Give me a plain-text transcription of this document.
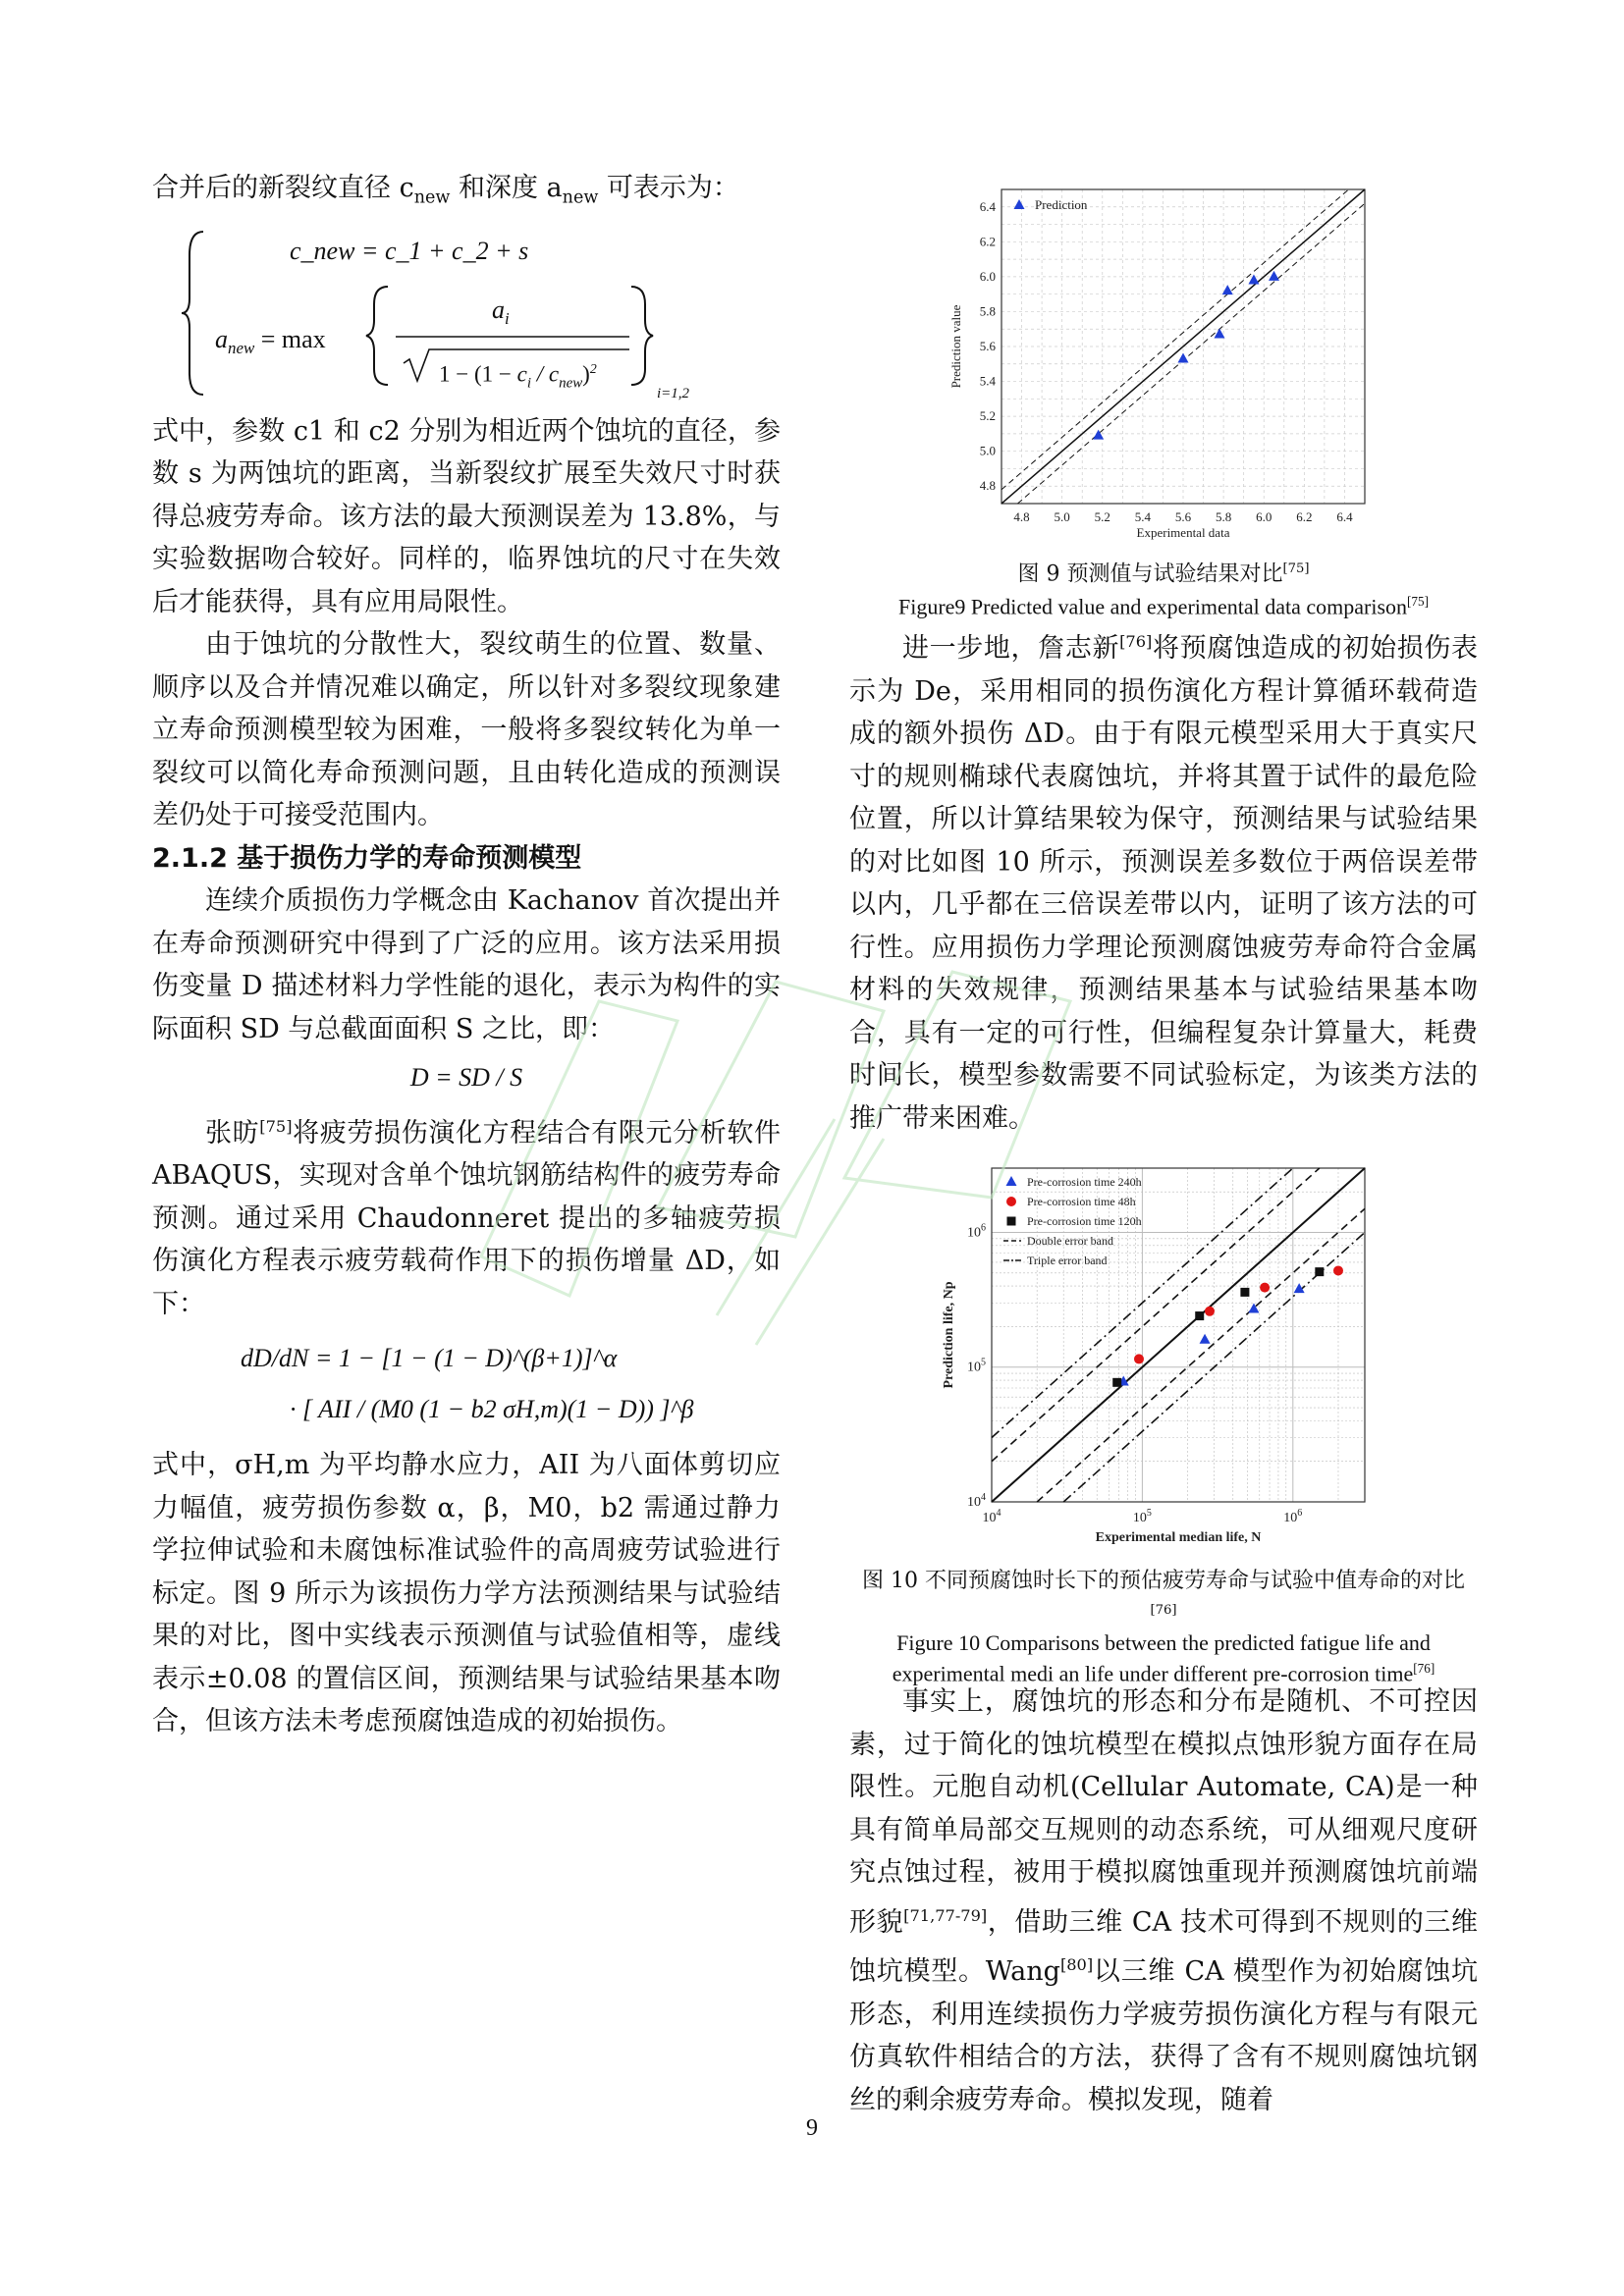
合并后的新裂纹直径 $c_{new}$ 和深度 $a_{new}$ 可表示为：

c_new = c_1 + c_2 + s
$a_{new} = \max$
$a_i$
$1 - (1 - c_i / c_{new})^2$
i=1,2

式中，参数 c1 和 c2 分别为相近两个蚀坑的直径，参数 s 为两蚀坑的距离，当新裂纹扩展至失效尺寸时获得总疲劳寿命。该方法的最大预测误差为 13.8%，与实验数据吻合较好。同样的，临界蚀坑的尺寸在失效后才能获得，具有应用局限性。

由于蚀坑的分散性大，裂纹萌生的位置、数量、顺序以及合并情况难以确定，所以针对多裂纹现象建立寿命预测模型较为困难，一般将多裂纹转化为单一裂纹可以简化寿命预测问题，且由转化造成的预测误差仍处于可接受范围内。

2.1.2 基于损伤力学的寿命预测模型

连续介质损伤力学概念由 Kachanov 首次提出并在寿命预测研究中得到了广泛的应用。该方法采用损伤变量 D 描述材料力学性能的退化，表示为构件的实际面积 SD 与总截面面积 S 之比，即：

D = SD / S

张昉[75]将疲劳损伤演化方程结合有限元分析软件 ABAQUS，实现对含单个蚀坑钢筋结构件的疲劳寿命预测。通过采用 Chaudonneret 提出的多轴疲劳损伤演化方程表示疲劳载荷作用下的损伤增量 ΔD，如下：

dD/dN = 1 − [1 − (1 − D)^(β+1)]^α

· [ AII / (M0 (1 − b2 σH,m)(1 − D)) ]^β

式中，σH,m 为平均静水应力，AII 为八面体剪切应力幅值，疲劳损伤参数 α，β，M0，b2 需通过静力学拉伸试验和未腐蚀标准试验件的高周疲劳试验进行标定。图 9 所示为该损伤力学方法预测结果与试验结果的对比，图中实线表示预测值与试验值相等，虚线表示±0.08 的置信区间，预测结果与试验结果基本吻合，但该方法未考虑预腐蚀造成的初始损伤。

4.8
4.8
5.0
5.0
5.2
5.2
5.4
5.4
5.6
5.6
5.8
5.8
6.0
6.0
6.2
6.2
6.4
6.4
Experimental data
Prediction value
Prediction
图 9 预测值与试验结果对比[75]
Figure9 Predicted value and experimental data comparison[75]

进一步地，詹志新[76]将预腐蚀造成的初始损伤表示为 De，采用相同的损伤演化方程计算循环载荷造成的额外损伤 ΔD。由于有限元模型采用大于真实尺寸的规则椭球代表腐蚀坑，并将其置于试件的最危险位置，所以计算结果较为保守，预测结果与试验结果的对比如图 10 所示，预测误差多数位于两倍误差带以内，几乎都在三倍误差带以内，证明了该方法的可行性。应用损伤力学理论预测腐蚀疲劳寿命符合金属材料的失效规律，预测结果基本与试验结果基本吻合，具有一定的可行性，但编程复杂计算量大，耗费时间长，模型参数需要不同试验标定，为该类方法的推广带来困难。

$10^4$
$10^4$
$10^5$
$10^5$
$10^6$
$10^6$
Experimental median life, N
Prediction life, Np
Pre-corrosion time 240h
Pre-corrosion time 48h
Pre-corrosion time 120h
Double error band
Triple error band
图 10 不同预腐蚀时长下的预估疲劳寿命与试验中值寿命的对比[76]
Figure 10 Comparisons between the predicted fatigue life and experimental medi an life under different pre-corrosion time[76]

事实上，腐蚀坑的形态和分布是随机、不可控因素，过于简化的蚀坑模型在模拟点蚀形貌方面存在局限性。元胞自动机(Cellular Automate, CA)是一种具有简单局部交互规则的动态系统，可从细观尺度研究点蚀过程，被用于模拟腐蚀重现并预测腐蚀坑前端形貌[71,77-79]，借助三维 CA 技术可得到不规则的三维蚀坑模型。Wang[80]以三维 CA 模型作为初始腐蚀坑形态，利用连续损伤力学疲劳损伤演化方程与有限元仿真软件相结合的方法，获得了含有不规则腐蚀坑钢丝的剩余疲劳寿命。模拟发现，随着

9
